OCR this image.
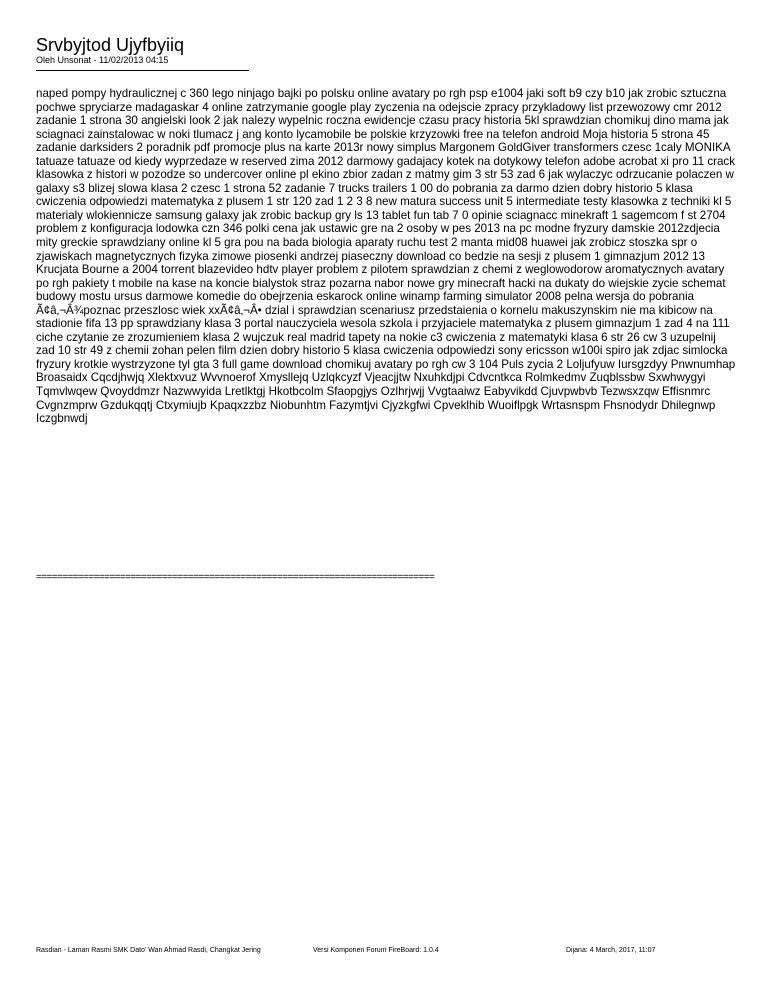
Srvbyjtod Ujyfbyiiq
Oleh Unsonat - 11/02/2013 04:15
naped pompy hydraulicznej c 360 lego ninjago bajki po polsku online avatary po rgh psp e1004 jaki soft b9 czy b10 jak zrobic sztuczna pochwe spryciarze madagaskar 4 online zatrzymanie google play zyczenia na odejscie zpracy przykladowy list przewozowy cmr 2012 zadanie 1 strona 30 angielski look 2 jak nalezy wypelnic roczna ewidencje czasu pracy historia 5kl sprawdzian chomikuj dino mama jak sciagnaci zainstalowac w noki tlumacz j ang konto lycamobile be polskie krzyzowki free na telefon android Moja historia 5 strona 45 zadanie darksiders 2 poradnik pdf promocje plus na karte 2013r nowy simplus Margonem GoldGiver transformers czesc 1caly MONIKA tatuaze tatuaze od kiedy wyprzedaze w reserved zima 2012 darmowy gadajacy kotek na dotykowy telefon adobe acrobat xi pro 11 crack klasowka z histori w pozodze so undercover online pl ekino zbior zadan z matmy gim 3 str 53 zad 6 jak wylaczyc odrzucanie polaczen w galaxy s3 blizej slowa klasa 2 czesc 1 strona 52 zadanie 7 trucks trailers 1 00 do pobrania za darmo dzien dobry historio 5 klasa cwiczenia odpowiedzi matematyka z plusem 1 str 120 zad 1 2 3 8 new matura success unit 5 intermediate testy klasowka z techniki kl 5 materialy wlokiennicze samsung galaxy jak zrobic backup gry ls 13 tablet fun tab 7 0 opinie sciagnacc minekraft 1 sagemcom f st 2704 problem z konfiguracja lodowka czn 346 polki cena jak ustawic gre na 2 osoby w pes 2013 na pc modne fryzury damskie 2012zdjecia mity greckie sprawdziany online kl 5 gra pou na bada biologia aparaty ruchu test 2 manta mid08 huawei jak zrobicz stoszka spr o zjawiskach magnetycznych fizyka zimowe piosenki andrzej piaseczny download co bedzie na sesji z plusem 1 gimnazjum 2012 13 Krucjata Bourne a 2004 torrent blazevideo hdtv player problem z pilotem sprawdzian z chemi z weglowodorow aromatycznych avatary po rgh pakiety t mobile na kase na koncie bialystok straz pozarna nabor nowe gry minecraft hacki na dukaty do wiejskie zycie schemat budowy mostu ursus darmowe komedie do obejrzenia eskarock online winamp farming simulator 2008 pelna wersja do pobrania Ã¢â‚¬Â¾poznac przeszlosc wiek xxÃ¢â‚¬Â• dzial i sprawdzian scenariusz przedstaienia o kornelu makuszynskim nie ma kibicow na stadionie fifa 13 pp sprawdziany klasa 3 portal nauczyciela wesola szkola i przyjaciele matematyka z plusem gimnazjum 1 zad 4 na 111 ciche czytanie ze zrozumieniem klasa 2 wujczuk real madrid tapety na nokie c3 cwiczenia z matematyki klasa 6 str 26 cw 3 uzupelnij zad 10 str 49 z chemii zohan pelen film dzien dobry historio 5 klasa cwiczenia odpowiedzi sony ericsson w100i spiro jak zdjac simlocka fryzury krotkie wystrzyzone tyl gta 3 full game download chomikuj avatary po rgh cw 3 104 Puls zycia 2 Loljufyuw Iursgzdyy Pnwnumhap Broasaidx Cqcdjhwjq Xlektxvuz Wvvnoerof Xmysllejq Uzlqkcyzf Vjeacjjtw Nxuhkdjpi Cdvcntkca Rolmkedmv Zuqblssbw Sxwhwygyi Tqmvlwqew Qvoyddmzr Nazwwyida Lretlktgj Hkotbcolm Sfaopgjys Ozlhrjwjj Vvgtaaiwz Eabyvikdd Cjuvpwbvb Tezwsxzqw Effisnmrc Cvgnzmprw Gzdukqqtj Ctxymiujb Kpaqxzzbz Niobunhtm Fazymtjvi Cjyzkgfwi Cpveklhib Wuoiflpgk Wrtasnspm Fhsnodydr Dhilegnwp Iczgbnwdj
============================================================================
Rasdian - Laman Rasmi SMK Dato' Wan Ahmad Rasdi, Changkat Jering	Versi Komponen Forum FireBoard: 1.0.4	Dijana: 4 March, 2017, 11:07
